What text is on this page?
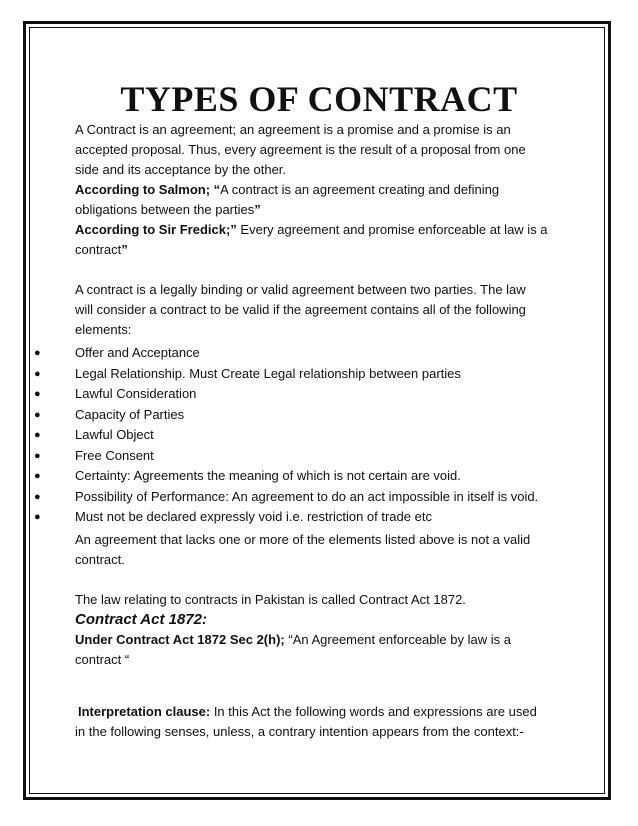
TYPES OF CONTRACT

A Contract is an agreement; an agreement is a promise and a promise is an
accepted proposal. Thus, every agreement is the result of a proposal from one
side and its acceptance by the other.

According to Salmon; “A contract is an agreement creating and defining
obligations between the parties”

According to Sir Fredick;” Every agreement and promise enforceable at law is a
contract”

A contract is a legally binding or valid agreement between two parties. The law
will consider a contract to be valid if the agreement contains all of the following
elements:

●	Offer and Acceptance
●	Legal Relationship. Must Create Legal relationship between parties
●	Lawful Consideration
●	Capacity of Parties
●	Lawful Object
●	Free Consent
●	Certainty: Agreements the meaning of which is not certain are void.
●	Possibility of Performance: An agreement to do an act impossible in itself is void.
●	Must not be declared expressly void i.e. restriction of trade etc

An agreement that lacks one or more of the elements listed above is not a valid
contract.

The law relating to contracts in Pakistan is called Contract Act 1872.

Contract Act 1872:

Under Contract Act 1872 Sec 2(h); “An Agreement enforceable by law is a
contract “

Interpretation clause: In this Act the following words and expressions are used
in the following senses, unless, a contrary intention appears from the context:-
